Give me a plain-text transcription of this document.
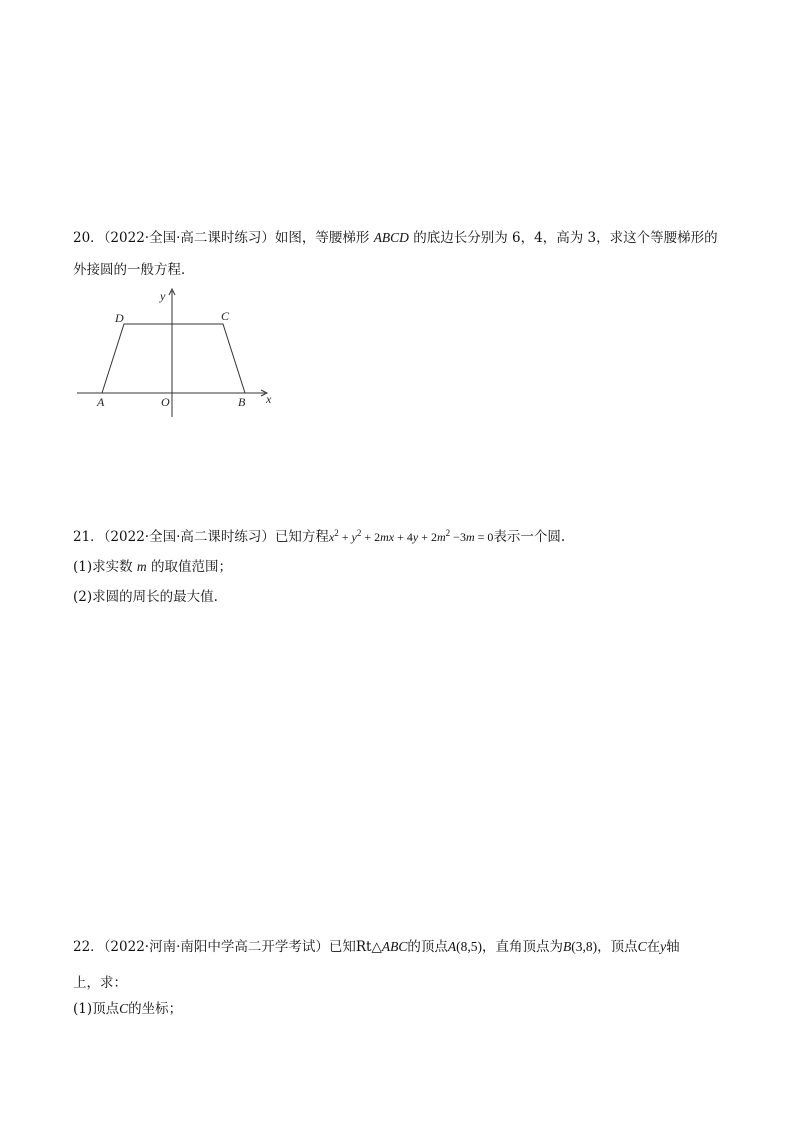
20．（2022·全国·高二课时练习）如图，等腰梯形 ABCD 的底边长分别为 6，4，高为 3，求这个等腰梯形的
外接圆的一般方程．
D	C
A	O	B x
y
21．（2022·全国·高二课时练习）已知方程$x^2 + y^2 + 2mx + 4y + 2m^2 -3m = 0$表示一个圆.
(1)求实数 m 的取值范围；
(2)求圆的周长的最大值.
22．（2022·河南·南阳中学高二开学考试）已知Rt△ABC的顶点A(8,5)，直角顶点为B(3,8)，顶点C在y轴
上，求：
(1)顶点C的坐标；
